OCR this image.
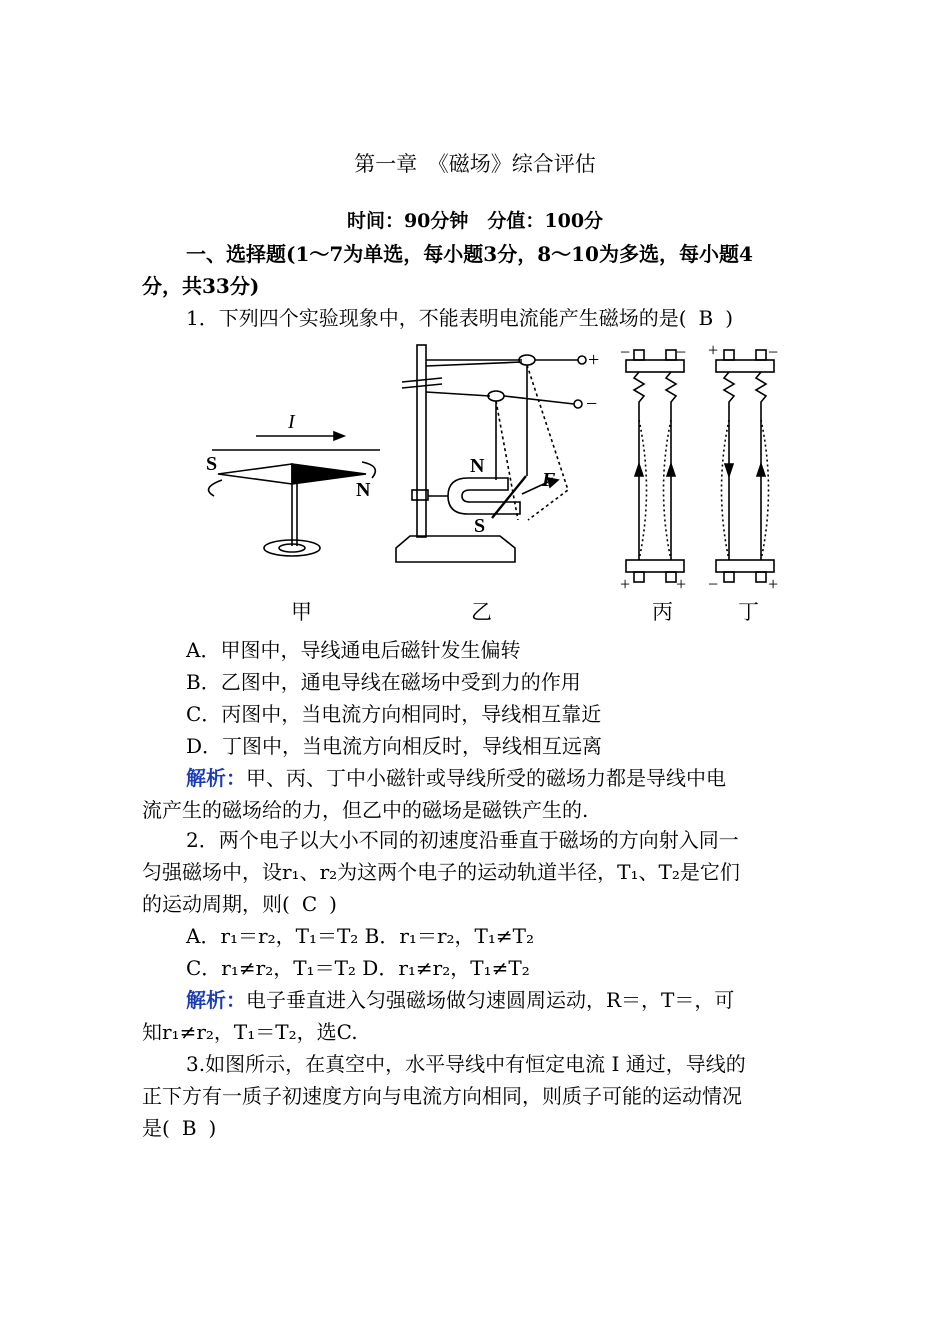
第一章　《磁场》综合评估
时间：90分钟　分值：100分
一、选择题(1～7为单选，每小题3分，8～10为多选，每小题4
分，共33分)
1．下列四个实验现象中，不能表明电流能产生磁场的是( B )
I
S
N
N
S
F
+
−
−	−
+	+
+	−
−	+
甲	乙	丙	丁
A．甲图中，导线通电后磁针发生偏转
B．乙图中，通电导线在磁场中受到力的作用
C．丙图中，当电流方向相同时，导线相互靠近
D．丁图中，当电流方向相反时，导线相互远离
解析：甲、丙、丁中小磁针或导线所受的磁场力都是导线中电
流产生的磁场给的力，但乙中的磁场是磁铁产生的.
2．两个电子以大小不同的初速度沿垂直于磁场的方向射入同一
匀强磁场中，设r₁、r₂为这两个电子的运动轨道半径，T₁、T₂是它们
的运动周期，则( C )
A．r₁＝r₂，T₁＝T₂ B．r₁＝r₂，T₁≠T₂
C．r₁≠r₂，T₁＝T₂ D．r₁≠r₂，T₁≠T₂
解析：电子垂直进入匀强磁场做匀速圆周运动，R＝，T＝，可
知r₁≠r₂，T₁＝T₂，选C.
3.如图所示，在真空中，水平导线中有恒定电流 I 通过，导线的
正下方有一质子初速度方向与电流方向相同，则质子可能的运动情况
是( B )
